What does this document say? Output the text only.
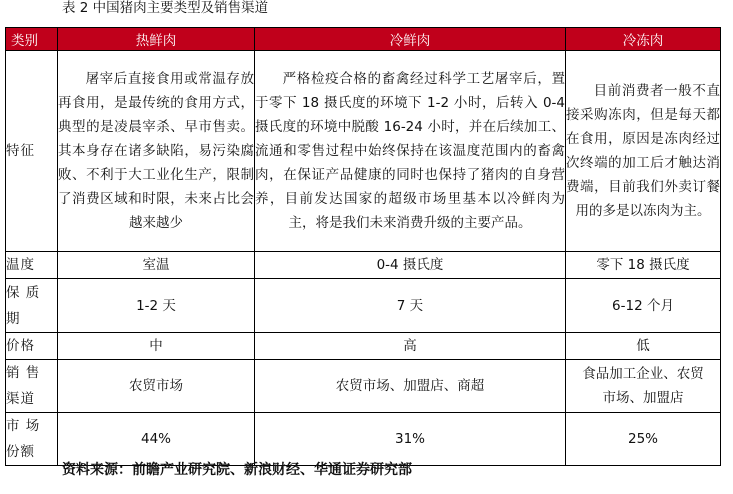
表 2 中国猪肉主要类型及销售渠道
类别	热鲜肉	冷鲜肉	冷冻肉
特征	屠宰后直接食用或常温存放再食用，是最传统的食用方式，典型的是凌晨宰杀、早市售卖。其本身存在诸多缺陷，易污染腐败、不利于大工业化生产，限制了消费区域和时限，未来占比会越来越少	严格检疫合格的畜禽经过科学工艺屠宰后，置于零下 18 摄氏度的环境下 1-2 小时，后转入 0-4 摄氏度的环境中脱酸 16-24 小时，并在后续加工、流通和零售过程中始终保持在该温度范围内的畜禽肉，在保证产品健康的同时也保持了猪肉的自身营养，目前发达国家的超级市场里基本以冷鲜肉为主，将是我们未来消费升级的主要产品。	目前消费者一般不直接采购冻肉，但是每天都在食用，原因是冻肉经过次终端的加工后才触达消费端，目前我们外卖订餐用的多是以冻肉为主。
温度	室温	0-4 摄氏度	零下 18 摄氏度
保 质 期	1-2 天	7 天	6-12 个月
价格	中	高	低
销 售 渠道	农贸市场	农贸市场、加盟店、商超	食品加工企业、农贸市场、加盟店
市 场 份额	44%	31%	25%
资料来源：前瞻产业研究院、新浪财经、华通证券研究部
